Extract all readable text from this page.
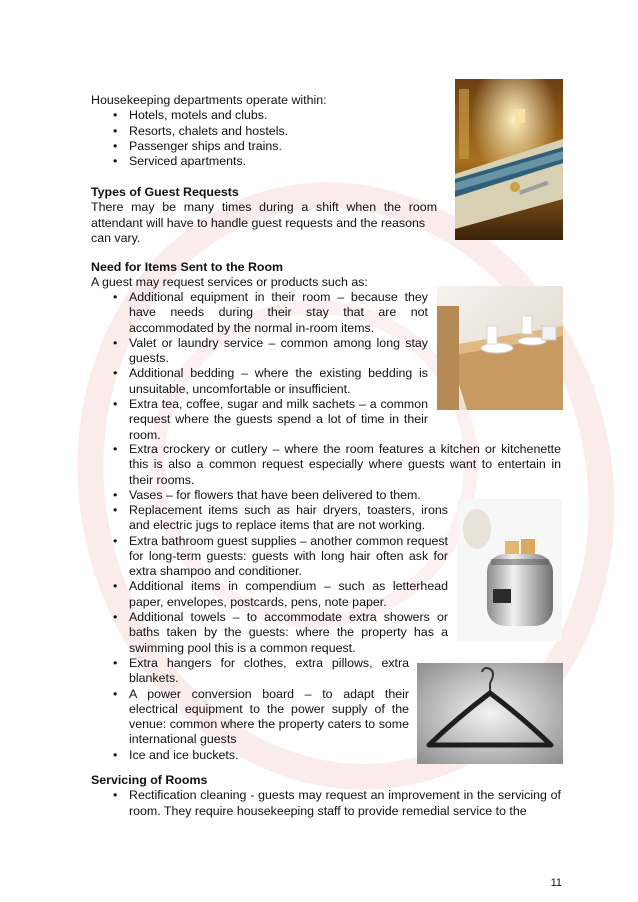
Housekeeping departments operate within:
• Hotels, motels and clubs.
• Resorts, chalets and hostels.
• Passenger ships and trains.
• Serviced apartments.
Types of Guest Requests
There may be many times during a shift when the room
attendant will have to handle guest requests and the reasons
can vary.
Need for Items Sent to the Room
A guest may request services or products such as:
• Additional equipment in their room – because they have needs during their stay that are not accommodated by the normal in-room items.
• Valet or laundry service – common among long stay guests.
• Additional bedding – where the existing bedding is unsuitable, uncomfortable or insufficient.
• Extra tea, coffee, sugar and milk sachets – a common request where the guests spend a lot of time in their room.
• Extra crockery or cutlery – where the room features a kitchen or kitchenette this is also a common request especially where guests want to entertain in their rooms.
• Vases – for flowers that have been delivered to them.
• Replacement items such as hair dryers, toasters, irons and electric jugs to replace items that are not working.
• Extra bathroom guest supplies – another common request for long-term guests: guests with long hair often ask for extra shampoo and conditioner.
• Additional items in compendium – such as letterhead paper, envelopes, postcards, pens, note paper.
• Additional towels – to accommodate extra showers or baths taken by the guests: where the property has a swimming pool this is a common request.
• Extra hangers for clothes, extra pillows, extra blankets.
• A power conversion board – to adapt their electrical equipment to the power supply of the venue: common where the property caters to some international guests
• Ice and ice buckets.
Servicing of Rooms
• Rectification cleaning - guests may request an improvement in the servicing of room. They require housekeeping staff to provide remedial service to the
11
